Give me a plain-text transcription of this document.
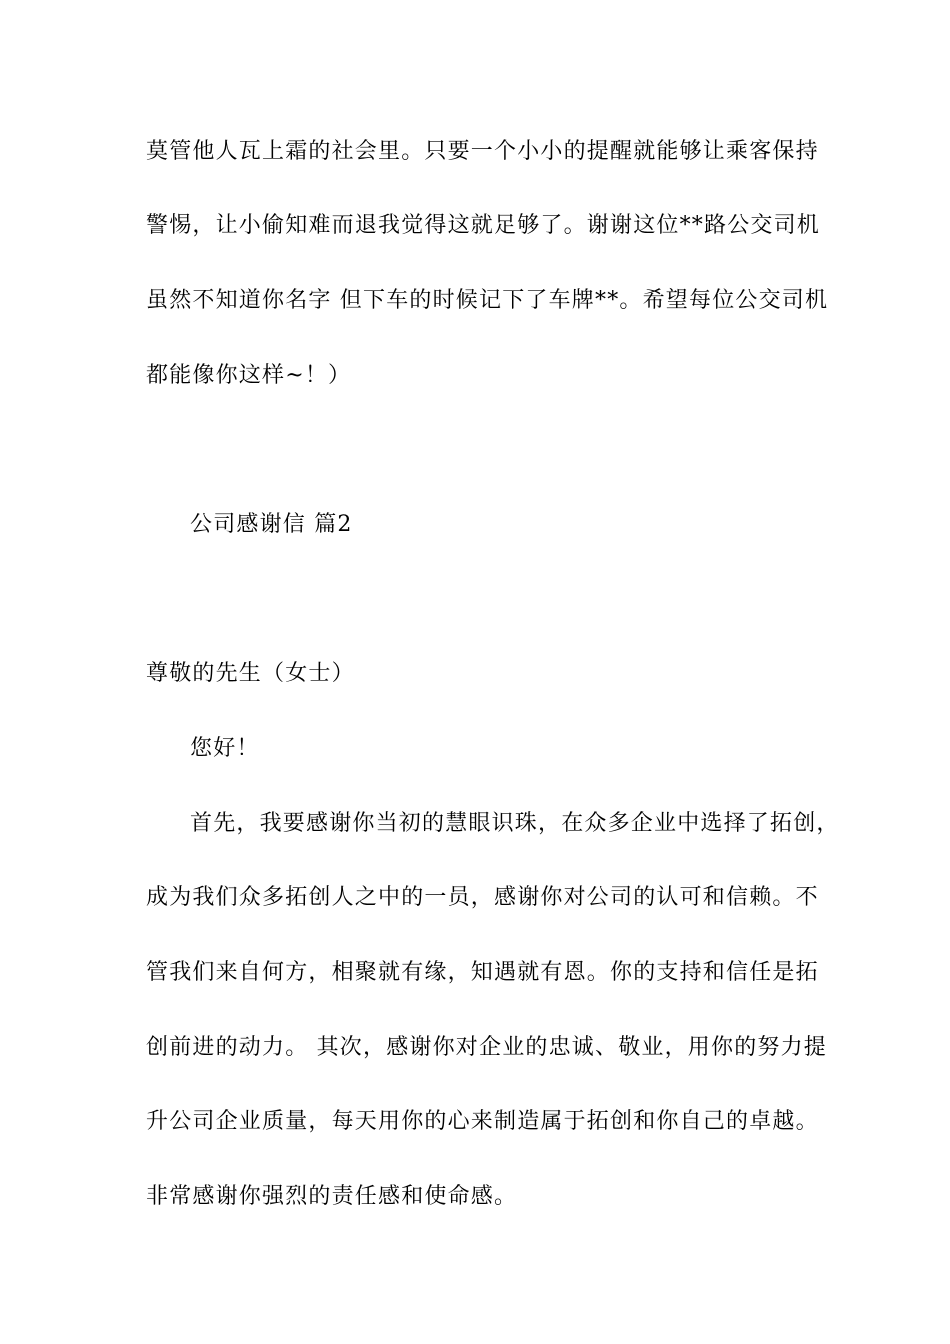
莫管他人瓦上霜的社会里。只要一个小小的提醒就能够让乘客保持
警惕，让小偷知难而退我觉得这就足够了。谢谢这位**路公交司机
虽然不知道你名字 但下车的时候记下了车牌**。希望每位公交司机
都能像你这样~！）
公司感谢信 篇2
尊敬的先生（女士）
您好！
首先，我要感谢你当初的慧眼识珠，在众多企业中选择了拓创，
成为我们众多拓创人之中的一员，感谢你对公司的认可和信赖。不
管我们来自何方，相聚就有缘，知遇就有恩。你的支持和信任是拓
创前进的动力。 其次，感谢你对企业的忠诚、敬业，用你的努力提
升公司企业质量，每天用你的心来制造属于拓创和你自己的卓越。
非常感谢你强烈的责任感和使命感。
